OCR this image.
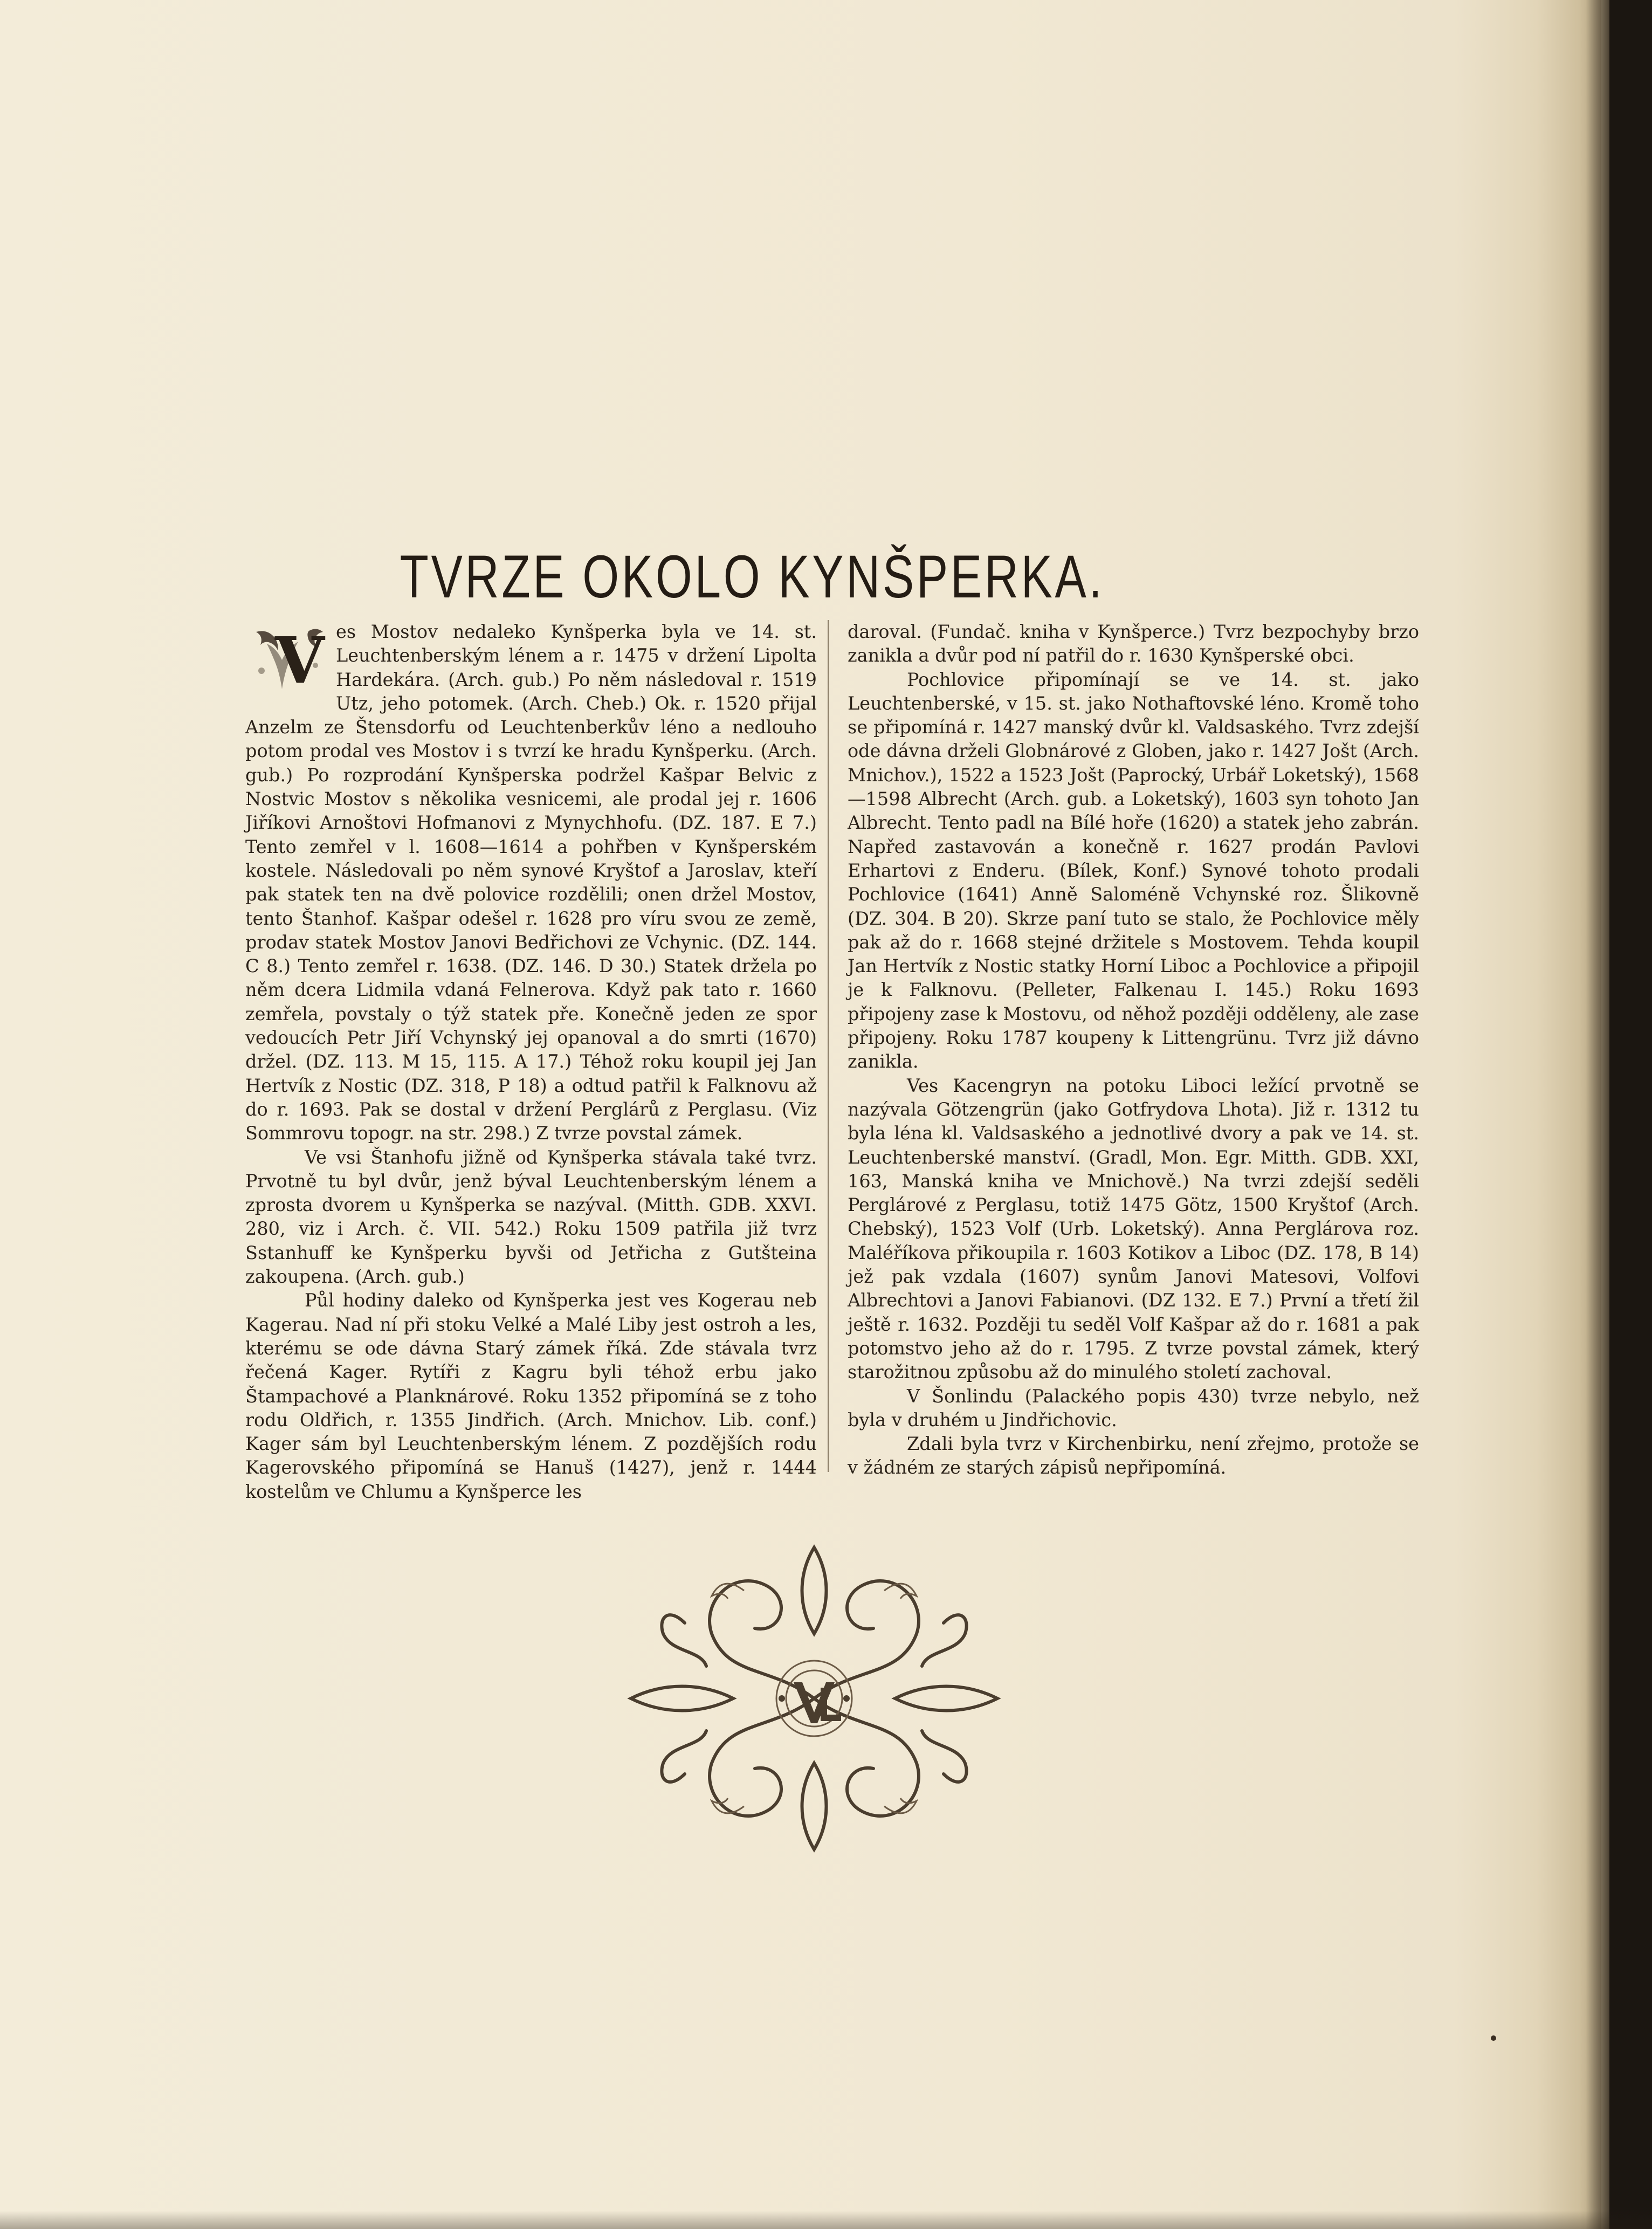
TVRZE OKOLO KYNŠPERKA.
V es Mostov nedaleko Kynšperka byla ve 14. st. Leuchtenberským lénem a r. 1475 v držení Lipolta Hardekára. (Arch. gub.) Po něm následoval r. 1519 Utz, jeho potomek. (Arch. Cheb.) Ok. r. 1520 přijal Anzelm ze Štensdorfu od Leuchtenberkův léno a nedlouho potom prodal ves Mostov i s tvrzí ke hradu Kynšperku. (Arch. gub.) Po rozprodání Kynšperska podržel Kašpar Belvic z Nostvic Mostov s několika vesnicemi, ale prodal jej r. 1606 Jiříkovi Arnoštovi Hofmanovi z Mynychhofu. (DZ. 187. E 7.) Tento zemřel v l. 1608—1614 a pohřben v Kynšperském kostele. Následovali po něm synové Kryštof a Jaroslav, kteří pak statek ten na dvě polovice rozdělili; onen držel Mostov, tento Štanhof. Kašpar odešel r. 1628 pro víru svou ze země, prodav statek Mostov Janovi Bedřichovi ze Vchynic. (DZ. 144. C 8.) Tento zemřel r. 1638. (DZ. 146. D 30.) Statek držela po něm dcera Lidmila vdaná Felnerova. Když pak tato r. 1660 zemřela, povstaly o týž statek pře. Konečně jeden ze spor vedoucích Petr Jiří Vchynský jej opanoval a do smrti (1670) držel. (DZ. 113. M 15, 115. A 17.) Téhož roku koupil jej Jan Hertvík z Nostic (DZ. 318, P 18) a odtud patřil k Falknovu až do r. 1693. Pak se dostal v držení Perglárů z Perglasu. (Viz Sommrovu topogr. na str. 298.) Z tvrze povstal zámek.

Ve vsi Štanhofu jižně od Kynšperka stávala také tvrz. Prvotně tu byl dvůr, jenž býval Leuchtenberským lénem a zprosta dvorem u Kynšperka se nazýval. (Mitth. GDB. XXVI. 280, viz i Arch. č. VII. 542.) Roku 1509 patřila již tvrz Sstanhuff ke Kynšperku byvši od Jetřicha z Gutšteina zakoupena. (Arch. gub.)

Půl hodiny daleko od Kynšperka jest ves Kogerau neb Kagerau. Nad ní při stoku Velké a Malé Liby jest ostroh a les, kterému se ode dávna Starý zámek říká. Zde stávala tvrz řečená Kager. Rytíři z Kagru byli téhož erbu jako Štampachové a Planknárové. Roku 1352 připomíná se z toho rodu Oldřich, r. 1355 Jindřich. (Arch. Mnichov. Lib. conf.) Kager sám byl Leuchtenberským lénem. Z pozdějších rodu Kagerovského připomíná se Hanuš (1427), jenž r. 1444 kostelům ve Chlumu a Kynšperce les

daroval. (Fundač. kniha v Kynšperce.) Tvrz bezpochyby brzo zanikla a dvůr pod ní patřil do r. 1630 Kynšperské obci.

Pochlovice připomínají se ve 14. st. jako Leuchtenberské, v 15. st. jako Nothaftovské léno. Kromě toho se připomíná r. 1427 manský dvůr kl. Valdsaského. Tvrz zdejší ode dávna drželi Globnárové z Globen, jako r. 1427 Jošt (Arch. Mnichov.), 1522 a 1523 Jošt (Paprocký, Urbář Loketský), 1568—1598 Albrecht (Arch. gub. a Loketský), 1603 syn tohoto Jan Albrecht. Tento padl na Bílé hoře (1620) a statek jeho zabrán. Napřed zastavován a konečně r. 1627 prodán Pavlovi Erhartovi z Enderu. (Bílek, Konf.) Synové tohoto prodali Pochlovice (1641) Anně Saloméně Vchynské roz. Šlikovně (DZ. 304. B 20). Skrze paní tuto se stalo, že Pochlovice měly pak až do r. 1668 stejné držitele s Mostovem. Tehda koupil Jan Hertvík z Nostic statky Horní Liboc a Pochlovice a připojil je k Falknovu. (Pelleter, Falkenau I. 145.) Roku 1693 připojeny zase k Mostovu, od něhož později odděleny, ale zase připojeny. Roku 1787 koupeny k Littengrünu. Tvrz již dávno zanikla.

Ves Kacengryn na potoku Liboci ležící prvotně se nazývala Götzengrün (jako Gotfrydova Lhota). Již r. 1312 tu byla léna kl. Valdsaského a jednotlivé dvory a pak ve 14. st. Leuchtenberské manství. (Gradl, Mon. Egr. Mitth. GDB. XXI, 163, Manská kniha ve Mnichově.) Na tvrzi zdejší seděli Perglárové z Perglasu, totiž 1475 Götz, 1500 Kryštof (Arch. Chebský), 1523 Volf (Urb. Loketský). Anna Perglárova roz. Maléříkova přikoupila r. 1603 Kotikov a Liboc (DZ. 178, B 14) jež pak vzdala (1607) synům Janovi Matesovi, Volfovi Albrechtovi a Janovi Fabianovi. (DZ 132. E 7.) První a třetí žil ještě r. 1632. Později tu seděl Volf Kašpar až do r. 1681 a pak potomstvo jeho až do r. 1795. Z tvrze povstal zámek, který starožitnou způsobu až do minulého století zachoval.

V Šonlindu (Palackého popis 430) tvrze nebylo, než byla v druhém u Jindřichovic.

Zdali byla tvrz v Kirchenbirku, není zřejmo, protože se v žádném ze starých zápisů nepřipomíná.
